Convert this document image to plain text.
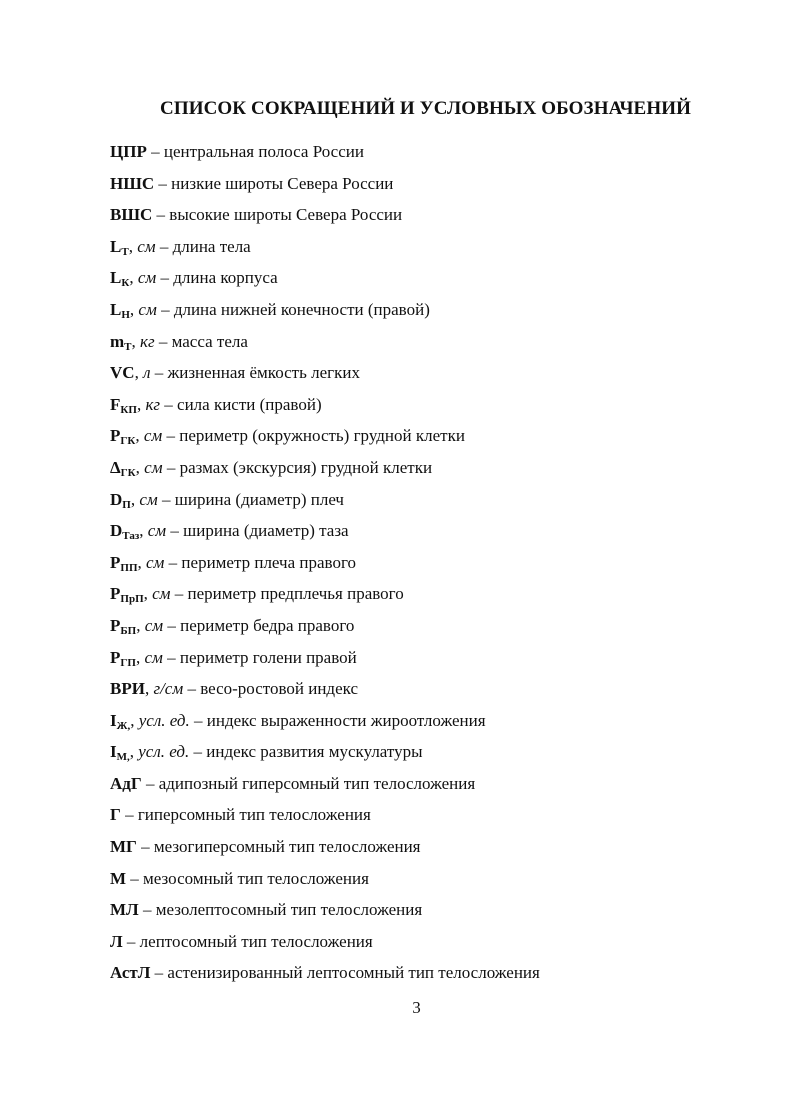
СПИСОК СОКРАЩЕНИЙ И УСЛОВНЫХ ОБОЗНАЧЕНИЙ
ЦПР – центральная полоса России
НШС – низкие широты Севера России
ВШС – высокие широты Севера России
$L_Т$, см – длина тела
$L_К$, см – длина корпуса
$L_Н$, см – длина нижней конечности (правой)
$m_Т$, кг – масса тела
VC, л – жизненная ёмкость легких
$F_{КП}$, кг – сила кисти (правой)
$P_{ГК}$, см – периметр (окружность) грудной клетки
$\Delta_{ГК}$, см – размах (экскурсия) грудной клетки
$D_П$, см – ширина (диаметр) плеч
$D_{Таз}$, см – ширина (диаметр) таза
$P_{ПП}$, см – периметр плеча правого
$P_{ПрП}$, см – периметр предплечья правого
$P_{БП}$, см – периметр бедра правого
$P_{ГП}$, см – периметр голени правой
ВРИ, г/см – весо-ростовой индекс
$I_{Ж,}$, усл. ед. – индекс выраженности жироотложения
$I_{М,}$, усл. ед. – индекс развития мускулатуры
АдГ – адипозный гиперсомный тип телосложения
Г – гиперсомный тип телосложения
МГ – мезогиперсомный тип телосложения
М – мезосомный тип телосложения
МЛ – мезолептосомный тип телосложения
Л – лептосомный тип телосложения
АстЛ – астенизированный лептосомный тип телосложения
3
